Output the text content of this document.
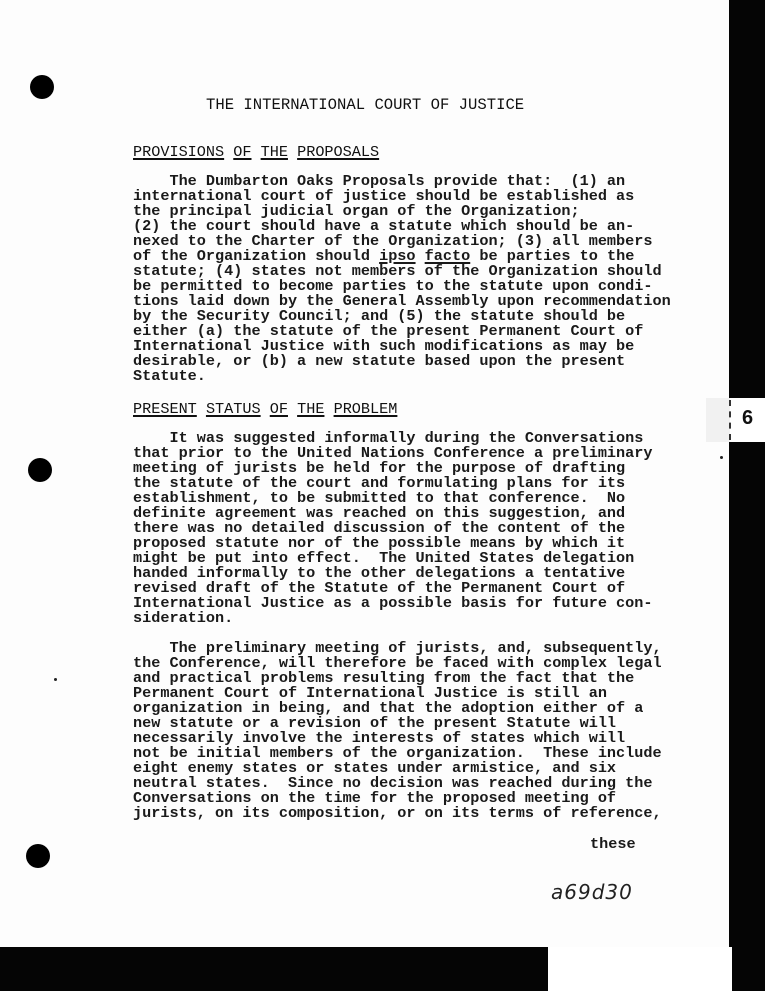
6
THE INTERNATIONAL COURT OF JUSTICE
PROVISIONS OF THE PROPOSALS
The Dumbarton Oaks Proposals provide that:  (1) an
international court of justice should be established as
the principal judicial organ of the Organization;
(2) the court should have a statute which should be an-
nexed to the Charter of the Organization; (3) all members
of the Organization should ipso facto be parties to the
statute; (4) states not members of the Organization should
be permitted to become parties to the statute upon condi-
tions laid down by the General Assembly upon recommendation
by the Security Council; and (5) the statute should be
either (a) the statute of the present Permanent Court of
International Justice with such modifications as may be
desirable, or (b) a new statute based upon the present
Statute.
PRESENT STATUS OF THE PROBLEM
It was suggested informally during the Conversations
that prior to the United Nations Conference a preliminary
meeting of jurists be held for the purpose of drafting
the statute of the court and formulating plans for its
establishment, to be submitted to that conference.  No
definite agreement was reached on this suggestion, and
there was no detailed discussion of the content of the
proposed statute nor of the possible means by which it
might be put into effect.  The United States delegation
handed informally to the other delegations a tentative
revised draft of the Statute of the Permanent Court of
International Justice as a possible basis for future con-
sideration.
The preliminary meeting of jurists, and, subsequently,
the Conference, will therefore be faced with complex legal
and practical problems resulting from the fact that the
Permanent Court of International Justice is still an
organization in being, and that the adoption either of a
new statute or a revision of the present Statute will
necessarily involve the interests of states which will
not be initial members of the organization.  These include
eight enemy states or states under armistice, and six
neutral states.  Since no decision was reached during the
Conversations on the time for the proposed meeting of
jurists, on its composition, or on its terms of reference,
these
a69d30
